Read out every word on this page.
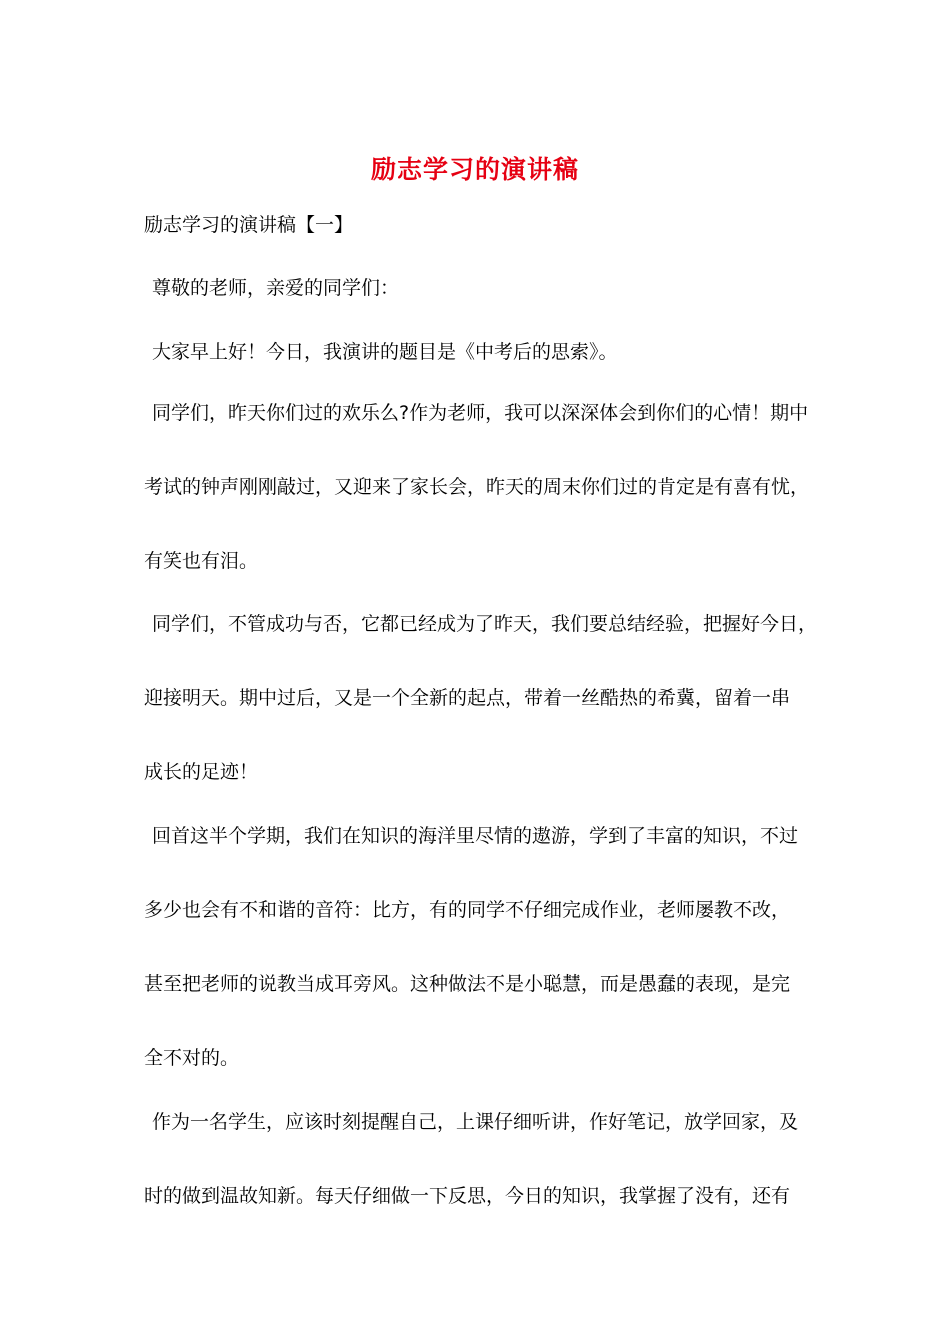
励志学习的演讲稿
励志学习的演讲稿【一】
尊敬的老师，亲爱的同学们：
大家早上好！今日，我演讲的题目是《中考后的思索》。
同学们，昨天你们过的欢乐么?作为老师，我可以深深体会到你们的心情！期中
考试的钟声刚刚敲过，又迎来了家长会，昨天的周末你们过的肯定是有喜有忧，
有笑也有泪。
同学们，不管成功与否，它都已经成为了昨天，我们要总结经验，把握好今日，
迎接明天。期中过后，又是一个全新的起点，带着一丝酷热的希冀，留着一串
成长的足迹！
回首这半个学期，我们在知识的海洋里尽情的遨游，学到了丰富的知识，不过
多少也会有不和谐的音符：比方，有的同学不仔细完成作业，老师屡教不改，
甚至把老师的说教当成耳旁风。这种做法不是小聪慧，而是愚蠢的表现，是完
全不对的。
作为一名学生，应该时刻提醒自己，上课仔细听讲，作好笔记，放学回家，及
时的做到温故知新。每天仔细做一下反思，今日的知识，我掌握了没有，还有
